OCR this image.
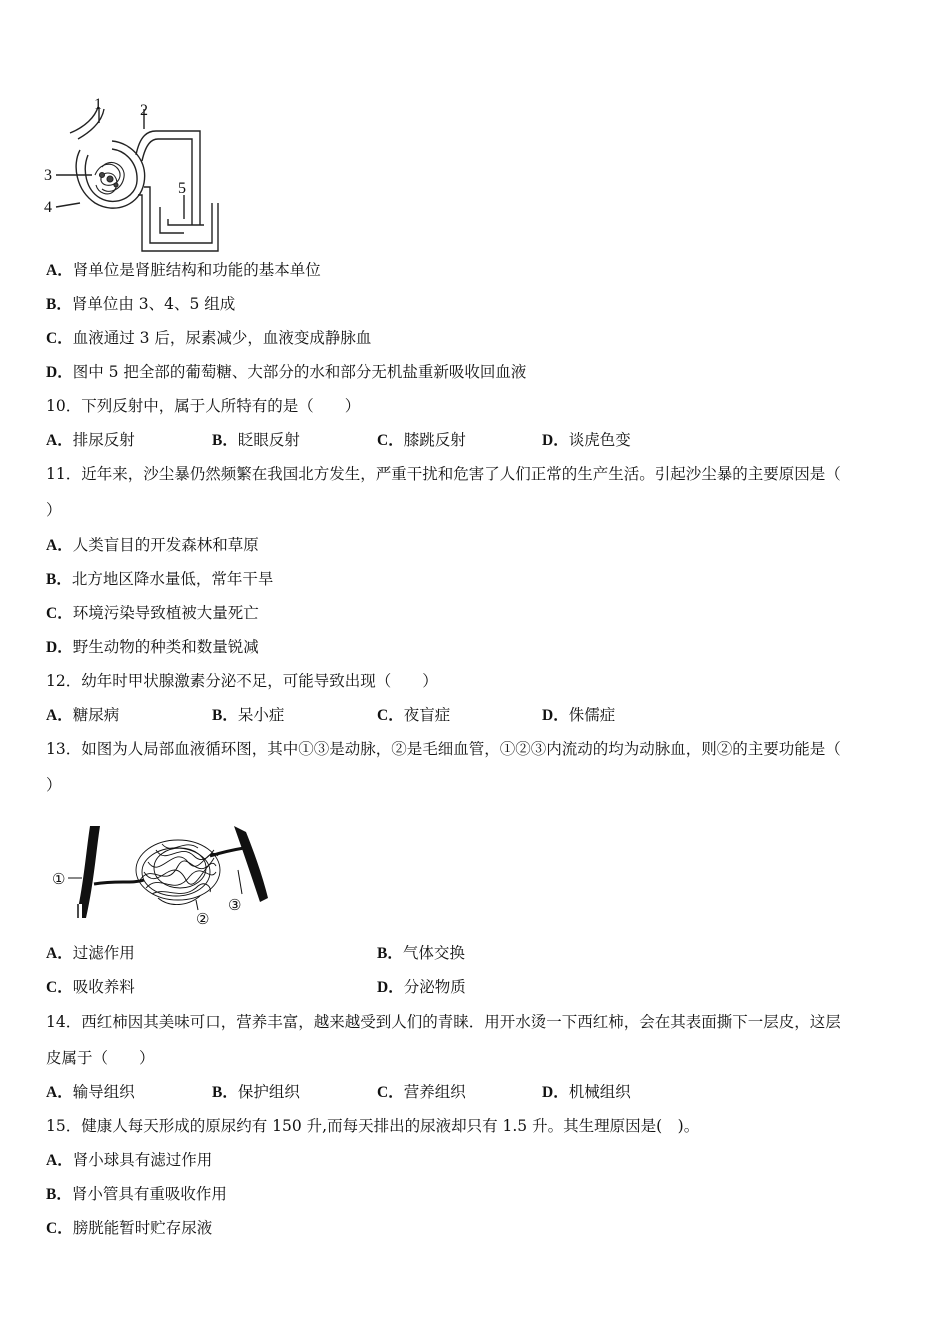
1 2
3
4
5
A．肾单位是肾脏结构和功能的基本单位
B．肾单位由 3、4、5 组成
C．血液通过 3 后，尿素减少，血液变成静脉血
D．图中 5 把全部的葡萄糖、大部分的水和部分无机盐重新吸收回血液
10．下列反射中，属于人所特有的是（　　）
A．排尿反射	B．眨眼反射	C．膝跳反射	D．谈虎色变
11．近年来，沙尘暴仍然频繁在我国北方发生，严重干扰和危害了人们正常的生产生活。引起沙尘暴的主要原因是（
）
A．人类盲目的开发森林和草原
B．北方地区降水量低，常年干旱
C．环境污染导致植被大量死亡
D．野生动物的种类和数量锐减
12．幼年时甲状腺激素分泌不足，可能导致出现（　　）
A．糖尿病	B．呆小症	C．夜盲症	D．侏儒症
13．如图为人局部血液循环图，其中①③是动脉，②是毛细血管，①②③内流动的均为动脉血，则②的主要功能是（
）
①
②
③
A．过滤作用	B．气体交换
C．吸收养料	D．分泌物质
14．西红柿因其美味可口，营养丰富，越来越受到人们的青睐．用开水烫一下西红柿，会在其表面撕下一层皮，这层
皮属于（　　）
A．输导组织	B．保护组织	C．营养组织	D．机械组织
15．健康人每天形成的原尿约有 150 升,而每天排出的尿液却只有 1.5 升。其生理原因是(　)。
A．肾小球具有滤过作用
B．肾小管具有重吸收作用
C．膀胱能暂时贮存尿液
